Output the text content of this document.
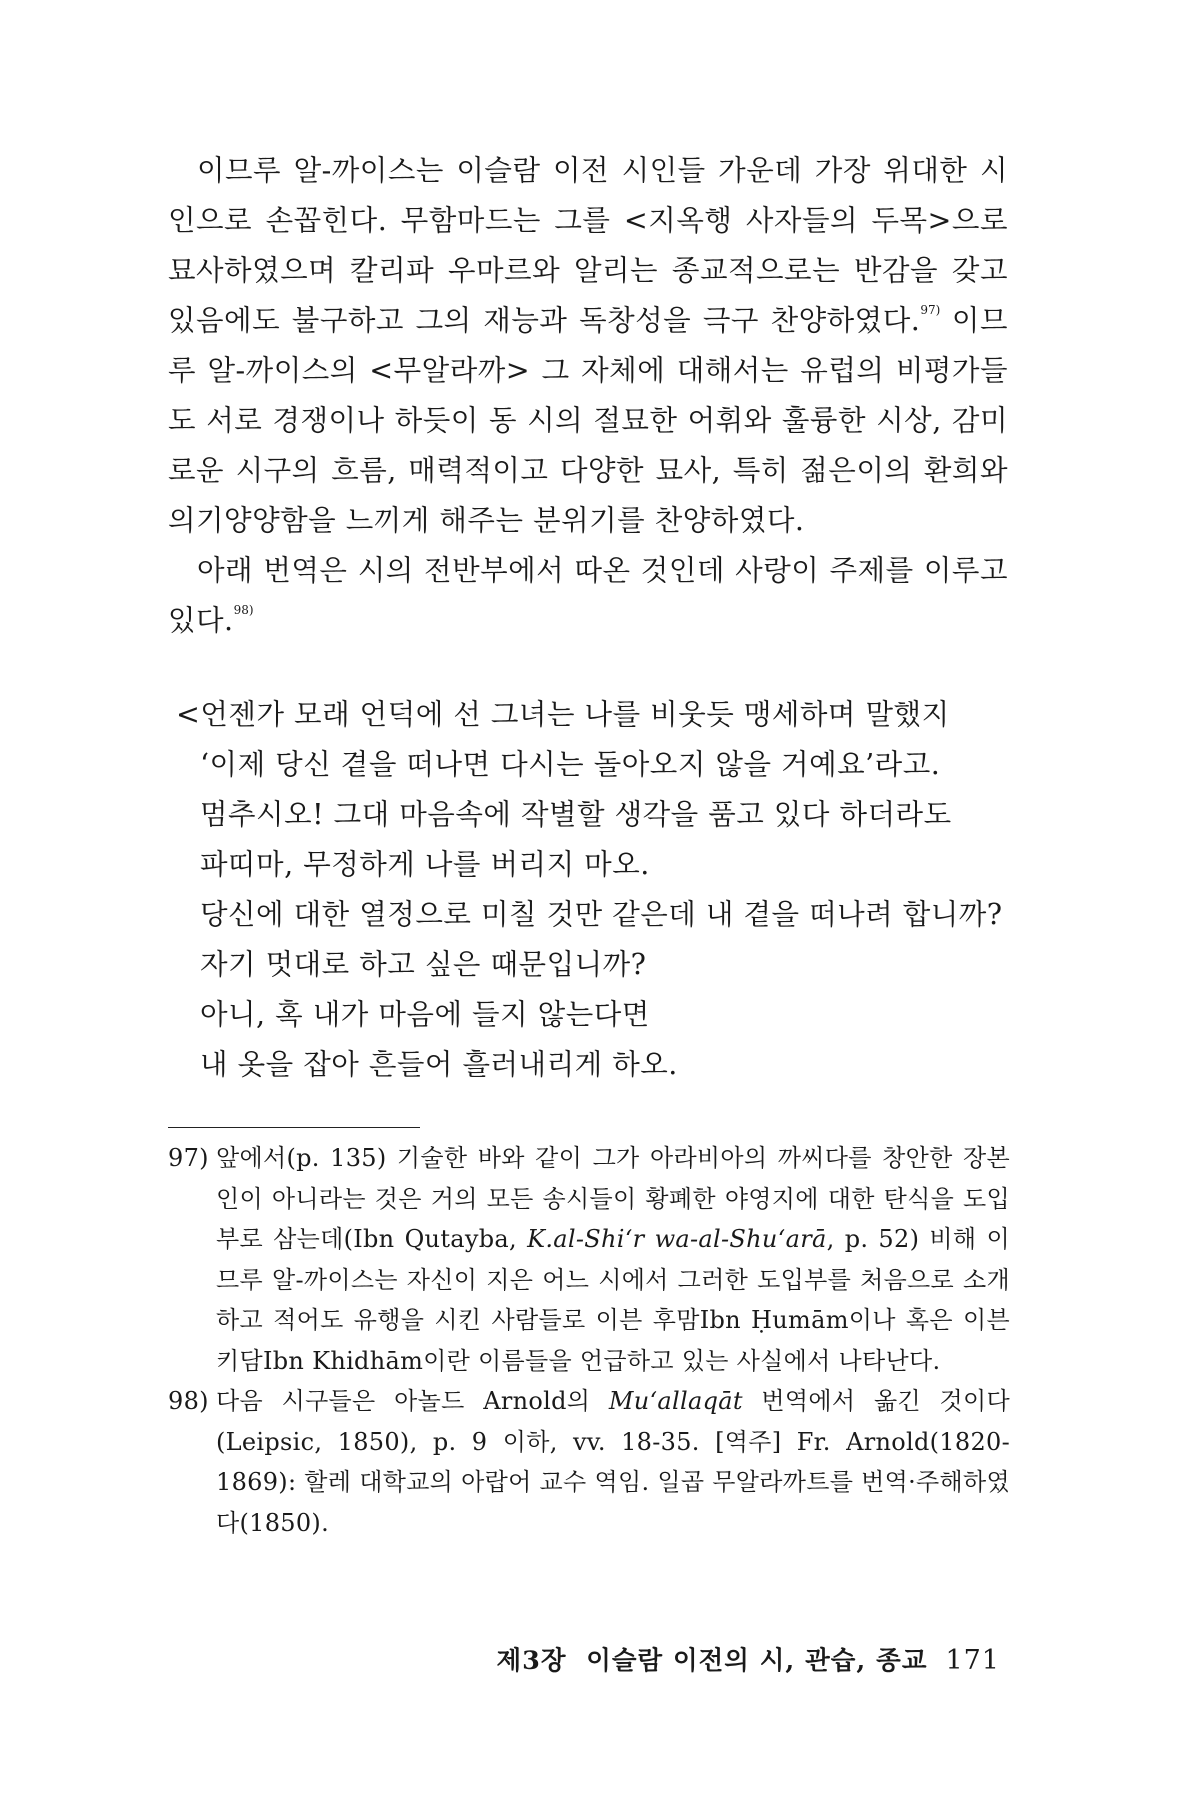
이므루 알-까이스는 이슬람 이전 시인들 가운데 가장 위대한 시인으로 손꼽힌다. 무함마드는 그를 <지옥행 사자들의 두목>으로 묘사하였으며 칼리파 우마르와 알리는 종교적으로는 반감을 갖고 있음에도 불구하고 그의 재능과 독창성을 극구 찬양하였다.$^{97)}$ 이므루 알-까이스의 <무알라까> 그 자체에 대해서는 유럽의 비평가들도 서로 경쟁이나 하듯이 동 시의 절묘한 어휘와 훌륭한 시상, 감미로운 시구의 흐름, 매력적이고 다양한 묘사, 특히 젊은이의 환희와 의기양양함을 느끼게 해주는 분위기를 찬양하였다.

아래 번역은 시의 전반부에서 따온 것인데 사랑이 주제를 이루고 있다.$^{98)}$

<언젠가 모래 언덕에 선 그녀는 나를 비웃듯 맹세하며 말했지
‘이제 당신 곁을 떠나면 다시는 돌아오지 않을 거예요’라고.
멈추시오! 그대 마음속에 작별할 생각을 품고 있다 하더라도
파띠마, 무정하게 나를 버리지 마오.
당신에 대한 열정으로 미칠 것만 같은데 내 곁을 떠나려 합니까?
자기 멋대로 하고 싶은 때문입니까?
아니, 혹 내가 마음에 들지 않는다면
내 옷을 잡아 흔들어 흘러내리게 하오.
97) 앞에서(p. 135) 기술한 바와 같이 그가 아라비아의 까씨다를 창안한 장본인이 아니라는 것은 거의 모든 송시들이 황폐한 야영지에 대한 탄식을 도입부로 삼는데(Ibn Qutayba, K.al-Shi‘r wa-al-Shu‘arā, p. 52) 비해 이므루 알-까이스는 자신이 지은 어느 시에서 그러한 도입부를 처음으로 소개하고 적어도 유행을 시킨 사람들로 이븐 후맘Ibn Ḥumām이나 혹은 이븐 키담Ibn Khidhām이란 이름들을 언급하고 있는 사실에서 나타난다.
98) 다음 시구들은 아놀드 Arnold의 Mu‘allaqāt 번역에서 옮긴 것이다(Leipsic, 1850), p. 9 이하, vv. 18-35. [역주] Fr. Arnold(1820-1869): 할레 대학교의 아랍어 교수 역임. 일곱 무알라까트를 번역·주해하였다(1850).
제3장  이슬람 이전의 시, 관습, 종교 171
